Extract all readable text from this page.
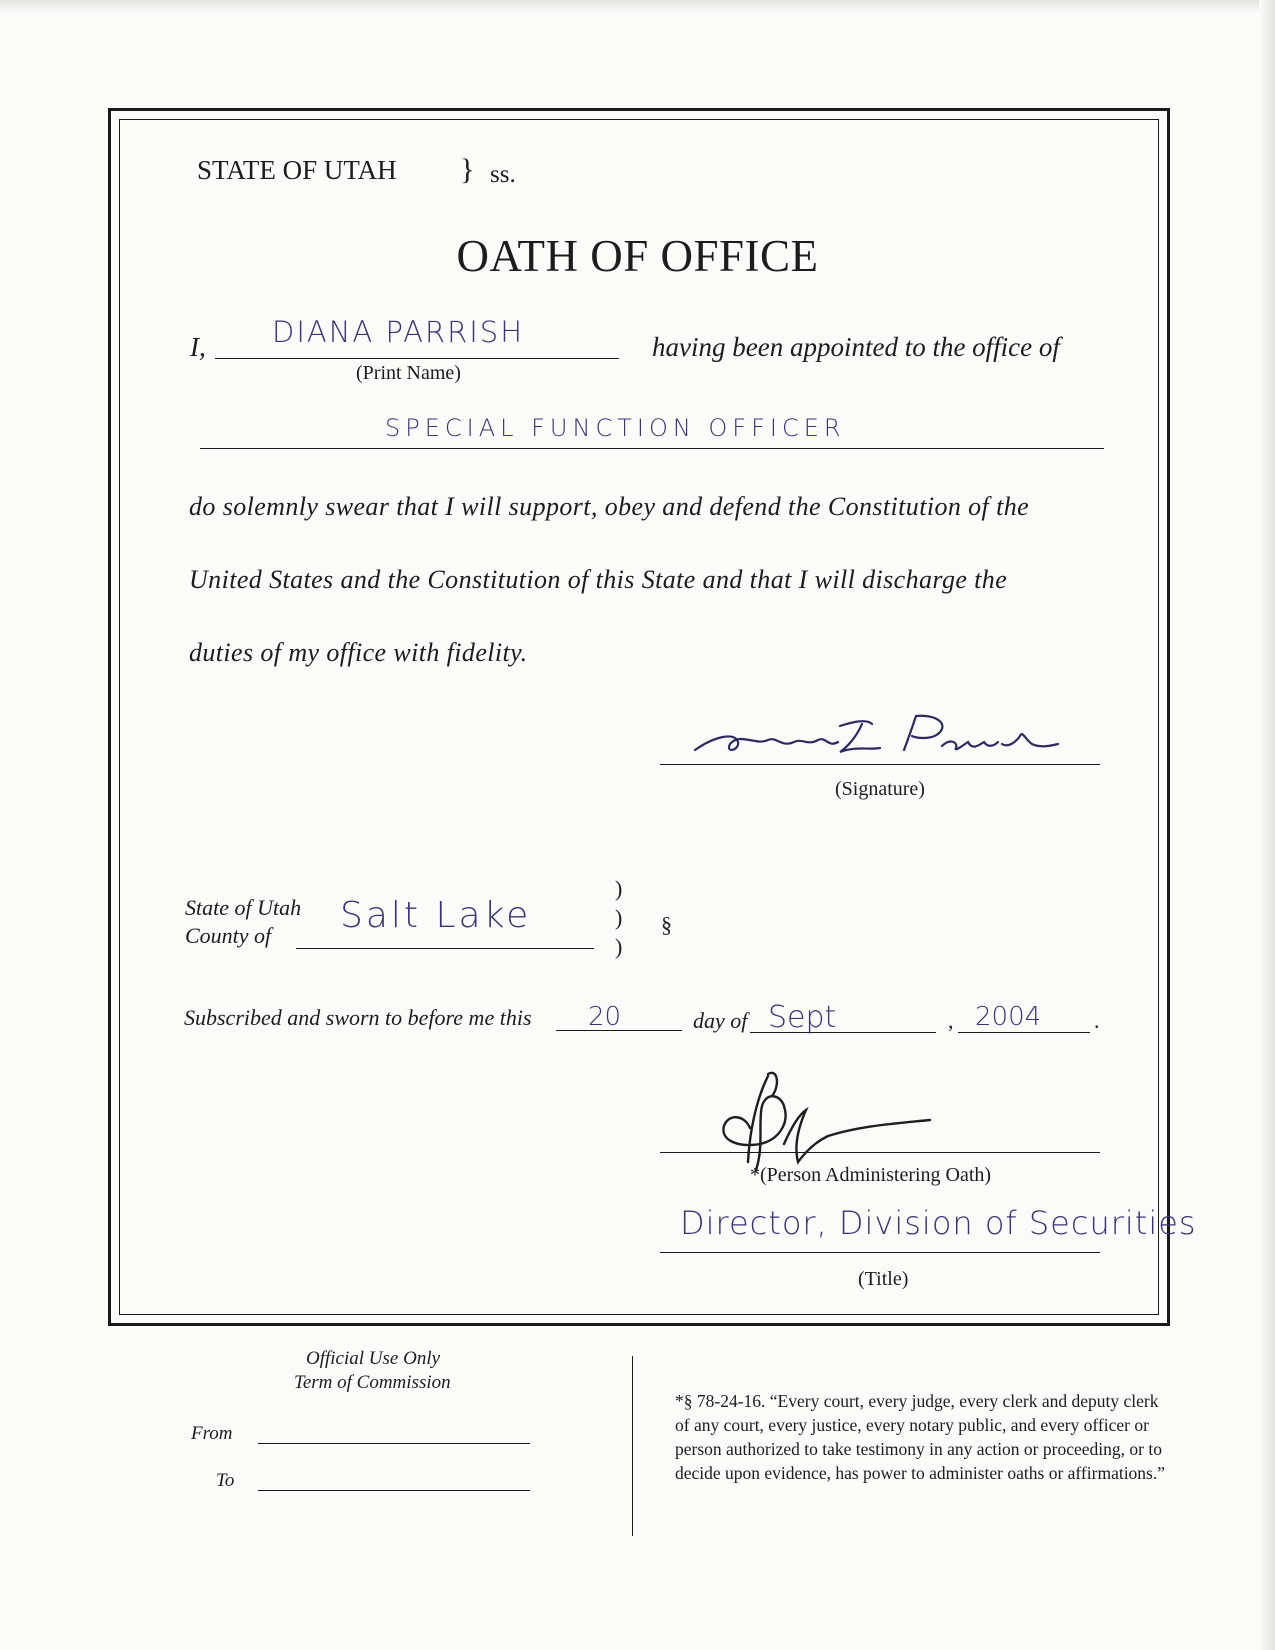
STATE OF UTAH } ss.
OATH OF OFFICE
I, DIANA PARRISH
(Print Name)
having been appointed to the office of
SPECIAL FUNCTION OFFICER
do solemnly swear that I will support, obey and defend the Constitution of the
United States and the Constitution of this State and that I will discharge the
duties of my office with fidelity.
(Signature)
State of Utah
County of Salt Lake
)
)
)
§
Subscribed and sworn to before me this 20	day of Sept	, 2004 .
*(Person Administering Oath)
Director, Division of Securities
(Title)
Official Use Only
Term of Commission
From
To
*§ 78-24-16. “Every court, every judge, every clerk and deputy clerk of any court, every justice, every notary public, and every officer or person authorized to take testimony in any action or proceeding, or to decide upon evidence, has power to administer oaths or affirmations.”
